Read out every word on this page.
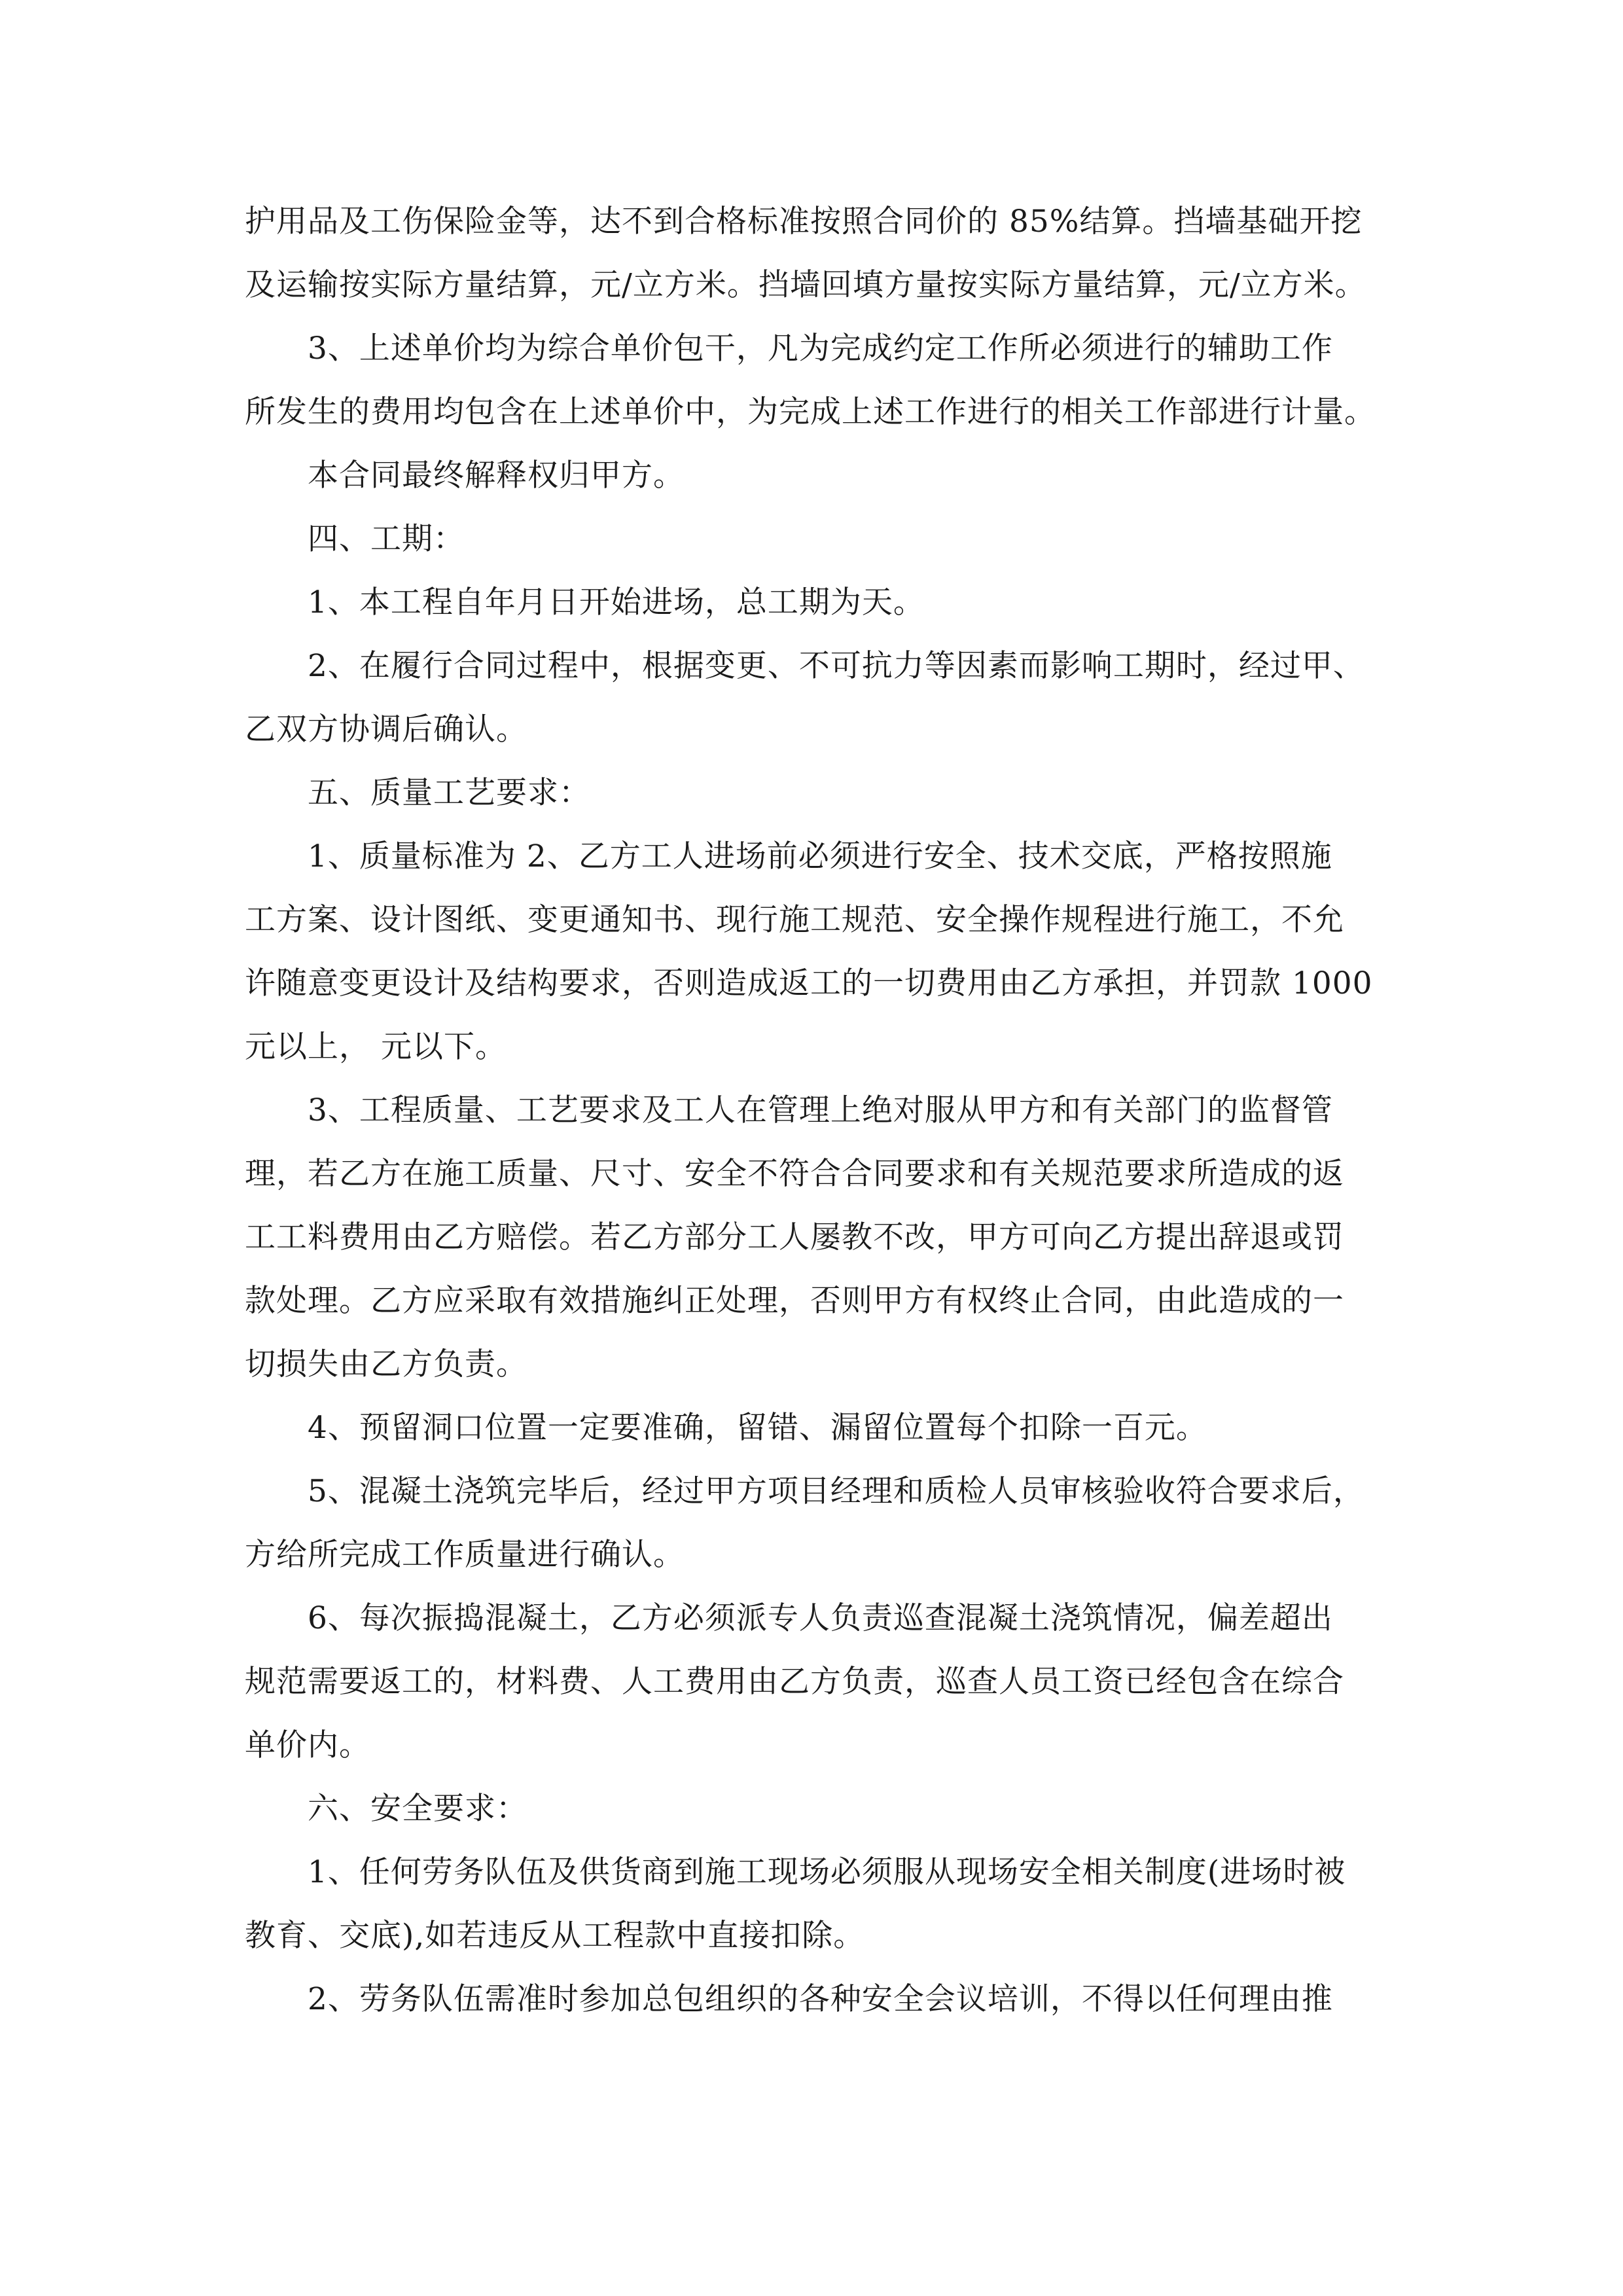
护用品及工伤保险金等，达不到合格标准按照合同价的 85%结算。挡墙基础开挖
及运输按实际方量结算，元/立方米。挡墙回填方量按实际方量结算，元/立方米。
3、上述单价均为综合单价包干，凡为完成约定工作所必须进行的辅助工作
所发生的费用均包含在上述单价中，为完成上述工作进行的相关工作部进行计量。
本合同最终解释权归甲方。
四、工期：
1、本工程自年月日开始进场，总工期为天。
2、在履行合同过程中，根据变更、不可抗力等因素而影响工期时，经过甲、
乙双方协调后确认。
五、质量工艺要求：
1、质量标准为 2、乙方工人进场前必须进行安全、技术交底，严格按照施
工方案、设计图纸、变更通知书、现行施工规范、安全操作规程进行施工，不允
许随意变更设计及结构要求，否则造成返工的一切费用由乙方承担，并罚款 1000
元以上， 元以下。
3、工程质量、工艺要求及工人在管理上绝对服从甲方和有关部门的监督管
理，若乙方在施工质量、尺寸、安全不符合合同要求和有关规范要求所造成的返
工工料费用由乙方赔偿。若乙方部分工人屡教不改，甲方可向乙方提出辞退或罚
款处理。乙方应采取有效措施纠正处理，否则甲方有权终止合同，由此造成的一
切损失由乙方负责。
4、预留洞口位置一定要准确，留错、漏留位置每个扣除一百元。
5、混凝土浇筑完毕后，经过甲方项目经理和质检人员审核验收符合要求后，
方给所完成工作质量进行确认。
6、每次振捣混凝土，乙方必须派专人负责巡查混凝土浇筑情况，偏差超出
规范需要返工的，材料费、人工费用由乙方负责，巡查人员工资已经包含在综合
单价内。
六、安全要求：
1、任何劳务队伍及供货商到施工现场必须服从现场安全相关制度(进场时被
教育、交底),如若违反从工程款中直接扣除。
2、劳务队伍需准时参加总包组织的各种安全会议培训，不得以任何理由推
